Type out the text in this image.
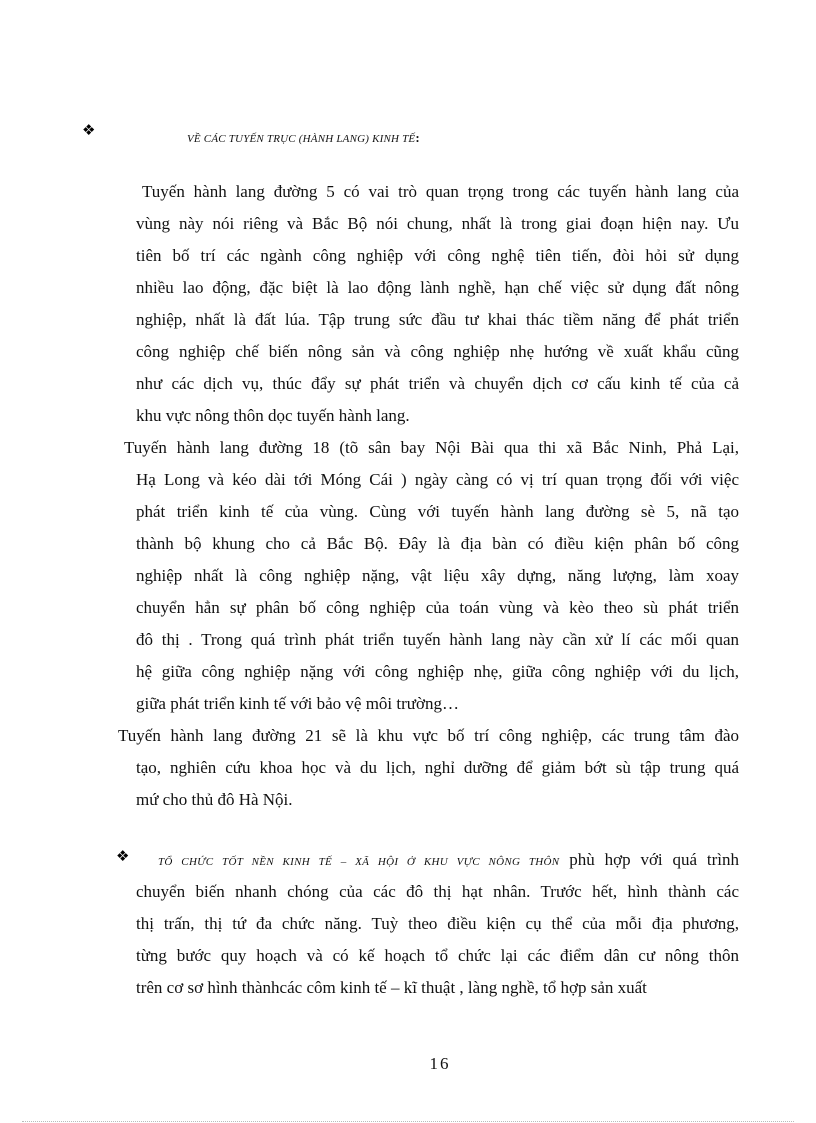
❖	VỀ CÁC TUYẾN TRỤC (HÀNH LANG) KINH TẾ:
Tuyến hành lang đường 5 có vai trò quan trọng trong các tuyến hành lang của
vùng này nói riêng và Bắc Bộ nói chung, nhất là trong giai đoạn hiện nay. Ưu
tiên bố trí các ngành công nghiệp với công nghệ tiên tiến, đòi hỏi sử dụng
nhiều lao động, đặc biệt là lao động lành nghề, hạn chế việc sử dụng đất nông
nghiệp, nhất là đất lúa. Tập trung sức đầu tư khai thác tiềm năng để phát triển
công nghiệp chế biến nông sản và công nghiệp nhẹ hướng về xuất khẩu cũng
như các dịch vụ, thúc đẩy sự phát triển và chuyển dịch cơ cấu kinh tế của cả
khu vực nông thôn dọc tuyến hành lang.
Tuyến hành lang đường 18 (tõ sân bay Nội Bài qua thi xã Bắc Ninh, Phả Lại,
Hạ Long và kéo dài tới Móng Cái ) ngày càng có vị trí quan trọng đối với việc
phát triển kinh tế của vùng. Cùng với tuyến hành lang đường sè 5, nã tạo
thành bộ khung cho cả Bắc Bộ. Đây là địa bàn có điều kiện phân bố công
nghiệp nhất là công nghiệp nặng, vật liệu xây dựng, năng lượng, làm xoay
chuyển hẳn sự phân bố công nghiệp của toán vùng và kèo theo sù phát triển
đô thị . Trong quá trình phát triển tuyến hành lang này cần xử lí các mối quan
hệ giữa công nghiệp nặng với công nghiệp nhẹ, giữa công nghiệp với du lịch,
giữa phát triển kinh tế với bảo vệ môi trường…
Tuyến hành lang đường 21 sẽ là khu vực bố trí công nghiệp, các trung tâm đào
tạo, nghiên cứu khoa học và du lịch, nghỉ dưỡng để giảm bớt sù tập trung quá
mứ cho thủ đô Hà Nội.
❖	TỔ CHỨC TỐT NỀN KINH TẾ – XÃ HỘI Ở KHU VỰC NÔNG THÔN phù hợp với quá trình
chuyển biến nhanh chóng của các đô thị hạt nhân. Trước hết, hình thành các
thị trấn, thị tứ đa chức năng. Tuỳ theo điều kiện cụ thể của mỗi địa phương,
từng bước quy hoạch và có kế hoạch tổ chức lại các điểm dân cư nông thôn
trên cơ sơ hình thànhcác côm kinh tế – kĩ thuật , làng nghề, tổ hợp sản xuất
16
